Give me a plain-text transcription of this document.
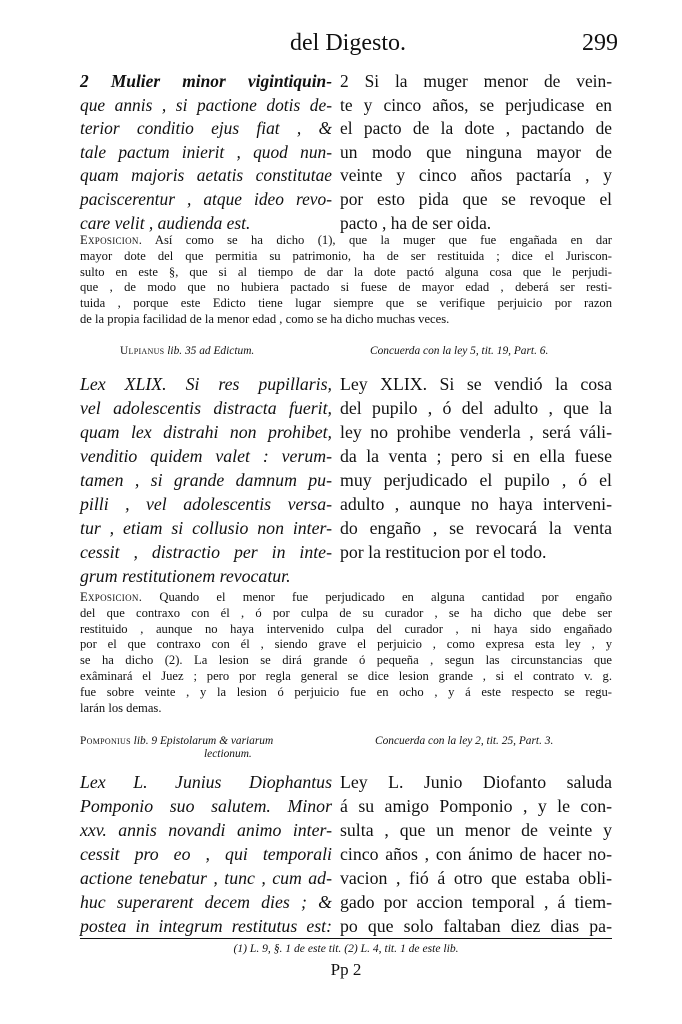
del Digesto.	299
2 Mulier minor vigintiquin-
que annis , si pactione dotis de-
terior conditio ejus fiat , &
tale pactum inierit , quod nun-
quam majoris aetatis constitutae
paciscerentur , atque ideo revo-
care velit , audienda est.
2 Si la muger menor de vein-
te y cinco años, se perjudicase en
el pacto de la dote , pactando de
un modo que ninguna mayor de
veinte y cinco años pactaría , y
por esto pida que se revoque el
pacto , ha de ser oida.
Exposicion. Así como se ha dicho (1), que la muger que fue engañada en dar
mayor dote del que permitia su patrimonio, ha de ser restituida ; dice el Juriscon-
sulto en este §, que si al tiempo de dar la dote pactó alguna cosa que le perjudi-
que , de modo que no hubiera pactado si fuese de mayor edad , deberá ser resti-
tuida , porque este Edicto tiene lugar siempre que se verifique perjuicio por razon
de la propia facilidad de la menor edad , como se ha dicho muchas veces.
Ulpianus lib. 35 ad Edictum.	Concuerda con la ley 5, tit. 19, Part. 6.
Lex XLIX. Si res pupillaris,
vel adolescentis distracta fuerit,
quam lex distrahi non prohibet,
venditio quidem valet : verum-
tamen , si grande damnum pu-
pilli , vel adolescentis versa-
tur , etiam si collusio non inter-
cessit , distractio per in inte-
grum restitutionem revocatur.
Ley XLIX. Si se vendió la cosa
del pupilo , ó del adulto , que la
ley no prohibe venderla , será váli-
da la venta ; pero si en ella fuese
muy perjudicado el pupilo , ó el
adulto , aunque no haya interveni-
do engaño , se revocará la venta
por la restitucion por el todo.
Exposicion. Quando el menor fue perjudicado en alguna cantidad por engaño
del que contraxo con él , ó por culpa de su curador , se ha dicho que debe ser
restituido , aunque no haya intervenido culpa del curador , ni haya sido engañado
por el que contraxo con él , siendo grave el perjuicio , como expresa esta ley , y
se ha dicho (2). La lesion se dirá grande ó pequeña , segun las circunstancias que
exâminará el Juez ; pero por regla general se dice lesion grande , si el contrato v. g.
fue sobre veinte , y la lesion ó perjuicio fue en ocho , y á este respecto se regu-
larán los demas.
Pomponius lib. 9 Epistolarum & variarum
lectionum.
Concuerda con la ley 2, tit. 25, Part. 3.
Lex L. Junius Diophantus
Pomponio suo salutem. Minor
xxv. annis novandi animo inter-
cessit pro eo , qui temporali
actione tenebatur , tunc , cum ad-
huc superarent decem dies ; &
postea in integrum restitutus est:
Ley L. Junio Diofanto saluda
á su amigo Pomponio , y le con-
sulta , que un menor de veinte y
cinco años , con ánimo de hacer no-
vacion , fió á otro que estaba obli-
gado por accion temporal , á tiem-
po que solo faltaban diez dias pa-
(1) L. 9, §. 1 de este tit. (2) L. 4, tit. 1 de este lib.
Pp 2
